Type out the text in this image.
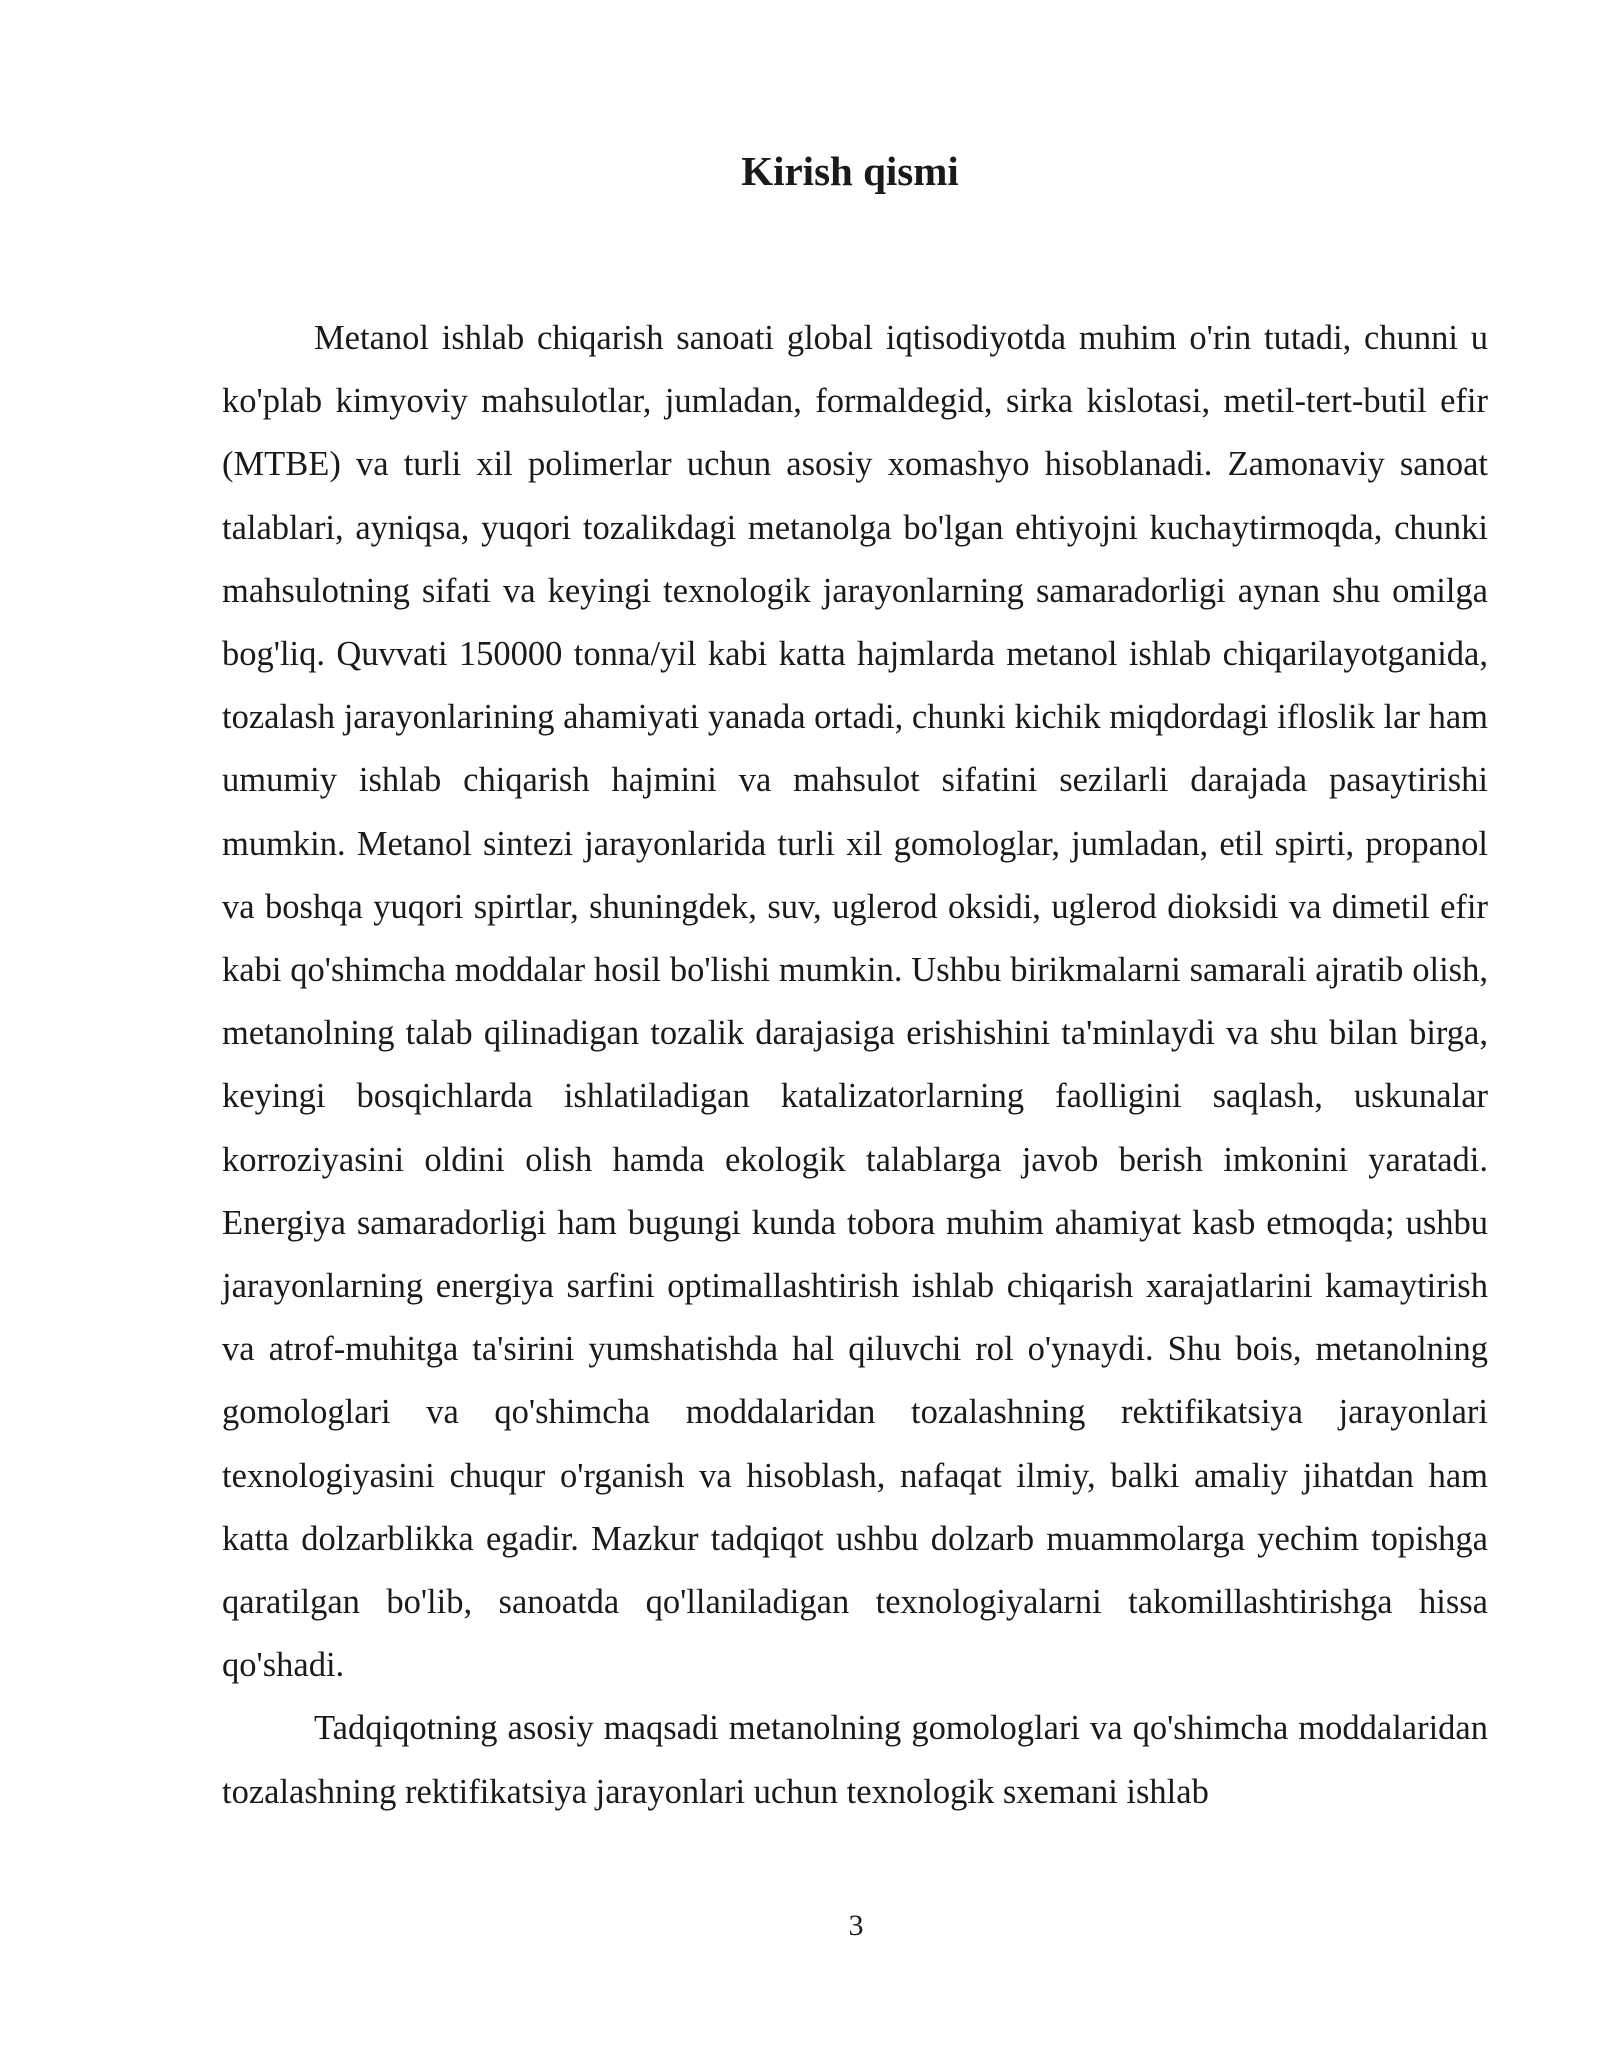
Kirish qismi

Metanol ishlab chiqarish sanoati global iqtisodiyotda muhim o'rin tutadi, chunni u ko'plab kimyoviy mahsulotlar, jumladan, formaldegid, sirka kislotasi, metil-tert-butil efir (MTBE) va turli xil polimerlar uchun asosiy xomashyo hisoblanadi. Zamonaviy sanoat talablari, ayniqsa, yuqori tozalikdagi metanolga bo'lgan ehtiyojni kuchaytirmoqda, chunki mahsulotning sifati va keyingi texnologik jarayonlarning samaradorligi aynan shu omilga bog'liq. Quvvati 150000 tonna/yil kabi katta hajmlarda metanol ishlab chiqarilayotganida, tozalash jarayonlarining ahamiyati yanada ortadi, chunki kichik miqdordagi ifloslik lar ham umumiy ishlab chiqarish hajmini va mahsulot sifatini sezilarli darajada pasaytirishi mumkin. Metanol sintezi jarayonlarida turli xil gomologlar, jumladan, etil spirti, propanol va boshqa yuqori spirtlar, shuningdek, suv, uglerod oksidi, uglerod dioksidi va dimetil efir kabi qo'shimcha moddalar hosil bo'lishi mumkin. Ushbu birikmalarni samarali ajratib olish, metanolning talab qilinadigan tozalik darajasiga erishishini ta'minlaydi va shu bilan birga, keyingi bosqichlarda ishlatiladigan katalizatorlarning faolligini saqlash, uskunalar korroziyasini oldini olish hamda ekologik talablarga javob berish imkonini yaratadi. Energiya samaradorligi ham bugungi kunda tobora muhim ahamiyat kasb etmoqda; ushbu jarayonlarning energiya sarfini optimallashtirish ishlab chiqarish xarajatlarini kamaytirish va atrof-muhitga ta'sirini yumshatishda hal qiluvchi rol o'ynaydi. Shu bois, metanolning gomologlari va qo'shimcha moddalaridan tozalashning rektifikatsiya jarayonlari texnologiyasini chuqur o'rganish va hisoblash, nafaqat ilmiy, balki amaliy jihatdan ham katta dolzarblikka egadir. Mazkur tadqiqot ushbu dolzarb muammolarga yechim topishga qaratilgan bo'lib, sanoatda qo'llaniladigan texnologiyalarni takomillashtirishga hissa qo'shadi.

Tadqiqotning asosiy maqsadi metanolning gomologlari va qo'shimcha moddalaridan tozalashning rektifikatsiya jarayonlari uchun texnologik sxemani ishlab

3
